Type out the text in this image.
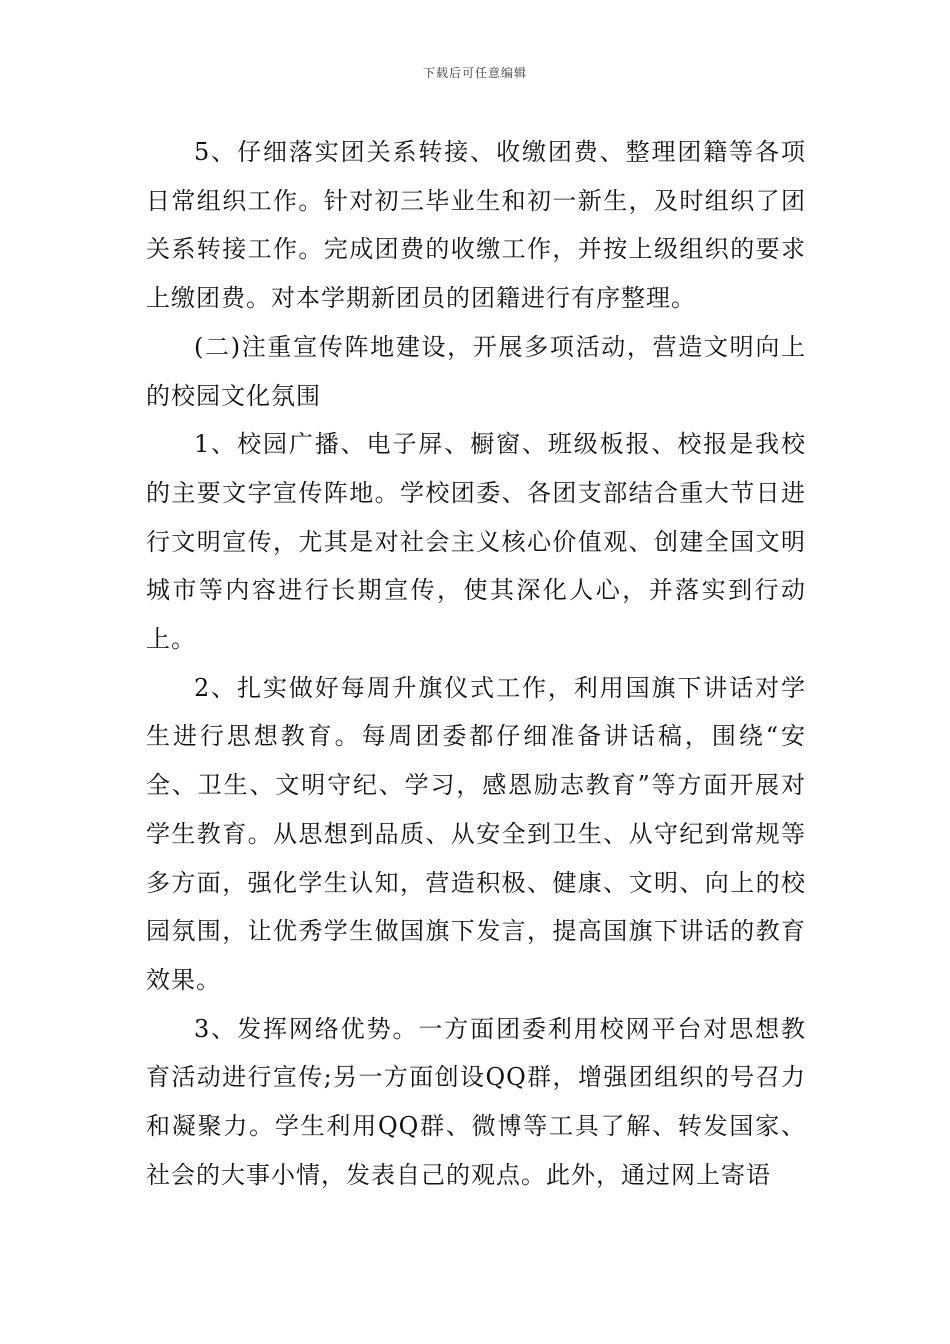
下载后可任意编辑

5、仔细落实团关系转接、收缴团费、整理团籍等各项日常组织工作。针对初三毕业生和初一新生，及时组织了团关系转接工作。完成团费的收缴工作，并按上级组织的要求上缴团费。对本学期新团员的团籍进行有序整理。

(二)注重宣传阵地建设，开展多项活动，营造文明向上的校园文化氛围

1、校园广播、电子屏、橱窗、班级板报、校报是我校的主要文字宣传阵地。学校团委、各团支部结合重大节日进行文明宣传，尤其是对社会主义核心价值观、创建全国文明城市等内容进行长期宣传，使其深化人心，并落实到行动上。

2、扎实做好每周升旗仪式工作，利用国旗下讲话对学生进行思想教育。每周团委都仔细准备讲话稿，围绕“安全、卫生、文明守纪、学习，感恩励志教育”等方面开展对学生教育。从思想到品质、从安全到卫生、从守纪到常规等多方面，强化学生认知，营造积极、健康、文明、向上的校园氛围，让优秀学生做国旗下发言，提高国旗下讲话的教育效果。

3、发挥网络优势。一方面团委利用校网平台对思想教育活动进行宣传;另一方面创设QQ群，增强团组织的号召力和凝聚力。学生利用QQ群、微博等工具了解、转发国家、社会的大事小情，发表自己的观点。此外，通过网上寄语
